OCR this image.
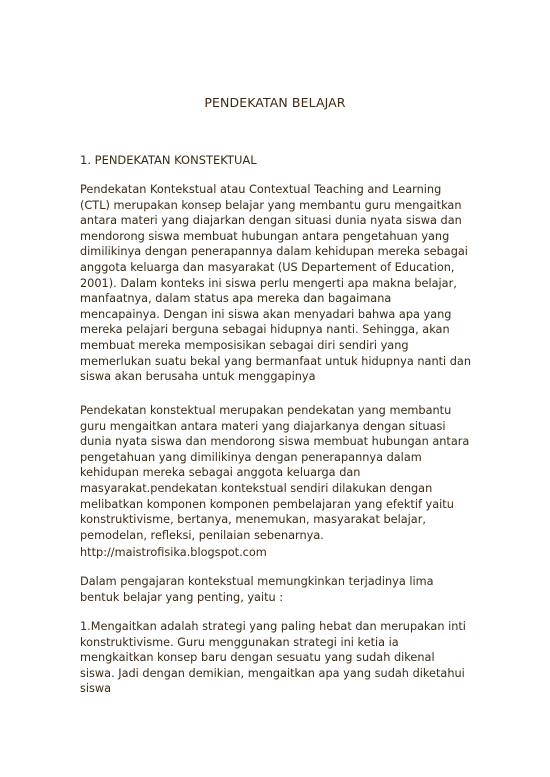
PENDEKATAN BELAJAR
1. PENDEKATAN KONSTEKTUAL

Pendekatan Kontekstual atau Contextual Teaching and Learning (CTL) merupakan konsep belajar yang membantu guru mengaitkan antara materi yang diajarkan dengan situasi dunia nyata siswa dan mendorong siswa membuat hubungan antara pengetahuan yang dimilikinya dengan penerapannya dalam kehidupan mereka sebagai anggota keluarga dan masyarakat (US Departement of Education, 2001). Dalam konteks ini siswa perlu mengerti apa makna belajar, manfaatnya, dalam status apa mereka dan bagaimana mencapainya. Dengan ini siswa akan menyadari bahwa apa yang mereka pelajari berguna sebagai hidupnya nanti. Sehingga, akan membuat mereka memposisikan sebagai diri sendiri yang memerlukan suatu bekal yang bermanfaat untuk hidupnya nanti dan siswa akan berusaha untuk menggapinya

Pendekatan konstektual merupakan pendekatan yang membantu guru mengaitkan antara materi yang diajarkanya dengan situasi dunia nyata siswa dan mendorong siswa membuat hubungan antara pengetahuan yang dimilikinya dengan penerapannya dalam kehidupan mereka sebagai anggota keluarga dan masyarakat.pendekatan kontekstual sendiri dilakukan dengan melibatkan komponen komponen pembelajaran yang efektif yaitu konstruktivisme, bertanya, menemukan, masyarakat belajar, pemodelan, refleksi, penilaian sebenarnya.

http://maistrofisika.blogspot.com

Dalam pengajaran kontekstual memungkinkan terjadinya lima bentuk belajar yang penting, yaitu :

1.Mengaitkan adalah strategi yang paling hebat dan merupakan inti konstruktivisme. Guru menggunakan strategi ini ketia ia mengkaitkan konsep baru dengan sesuatu yang sudah dikenal siswa. Jadi dengan demikian, mengaitkan apa yang sudah diketahui siswa
